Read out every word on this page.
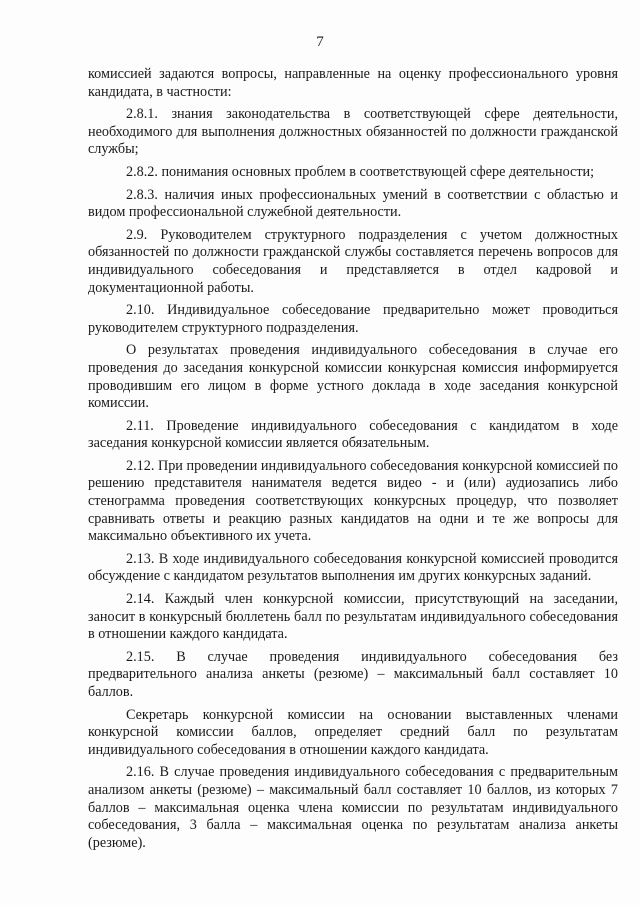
7

комиссией задаются вопросы, направленные на оценку профессионального уровня кандидата, в частности:

2.8.1. знания законодательства в соответствующей сфере деятельности, необходимого для выполнения должностных обязанностей по должности гражданской службы;

2.8.2. понимания основных проблем в соответствующей сфере деятельности;

2.8.3. наличия иных профессиональных умений в соответствии с областью и видом профессиональной служебной деятельности.

2.9. Руководителем структурного подразделения с учетом должностных обязанностей по должности гражданской службы составляется перечень вопросов для индивидуального собеседования и представляется в отдел кадровой и документационной работы.

2.10. Индивидуальное собеседование предварительно может проводиться руководителем структурного подразделения.

О результатах проведения индивидуального собеседования в случае его проведения до заседания конкурсной комиссии конкурсная комиссия информируется проводившим его лицом в форме устного доклада в ходе заседания конкурсной комиссии.

2.11. Проведение индивидуального собеседования с кандидатом в ходе заседания конкурсной комиссии является обязательным.

2.12. При проведении индивидуального собеседования конкурсной комиссией по решению представителя нанимателя ведется видео - и (или) аудиозапись либо стенограмма проведения соответствующих конкурсных процедур, что позволяет сравнивать ответы и реакцию разных кандидатов на одни и те же вопросы для максимально объективного их учета.

2.13. В ходе индивидуального собеседования конкурсной комиссией проводится обсуждение с кандидатом результатов выполнения им других конкурсных заданий.

2.14. Каждый член конкурсной комиссии, присутствующий на заседании, заносит в конкурсный бюллетень балл по результатам индивидуального собеседования в отношении каждого кандидата.

2.15. В случае проведения индивидуального собеседования без предварительного анализа анкеты (резюме) – максимальный балл составляет 10 баллов.

Секретарь конкурсной комиссии на основании выставленных членами конкурсной комиссии баллов, определяет средний балл по результатам индивидуального собеседования в отношении каждого кандидата.

2.16. В случае проведения индивидуального собеседования с предварительным анализом анкеты (резюме) – максимальный балл составляет 10 баллов, из которых 7 баллов – максимальная оценка члена комиссии по результатам индивидуального собеседования, 3 балла – максимальная оценка по результатам анализа анкеты (резюме).
